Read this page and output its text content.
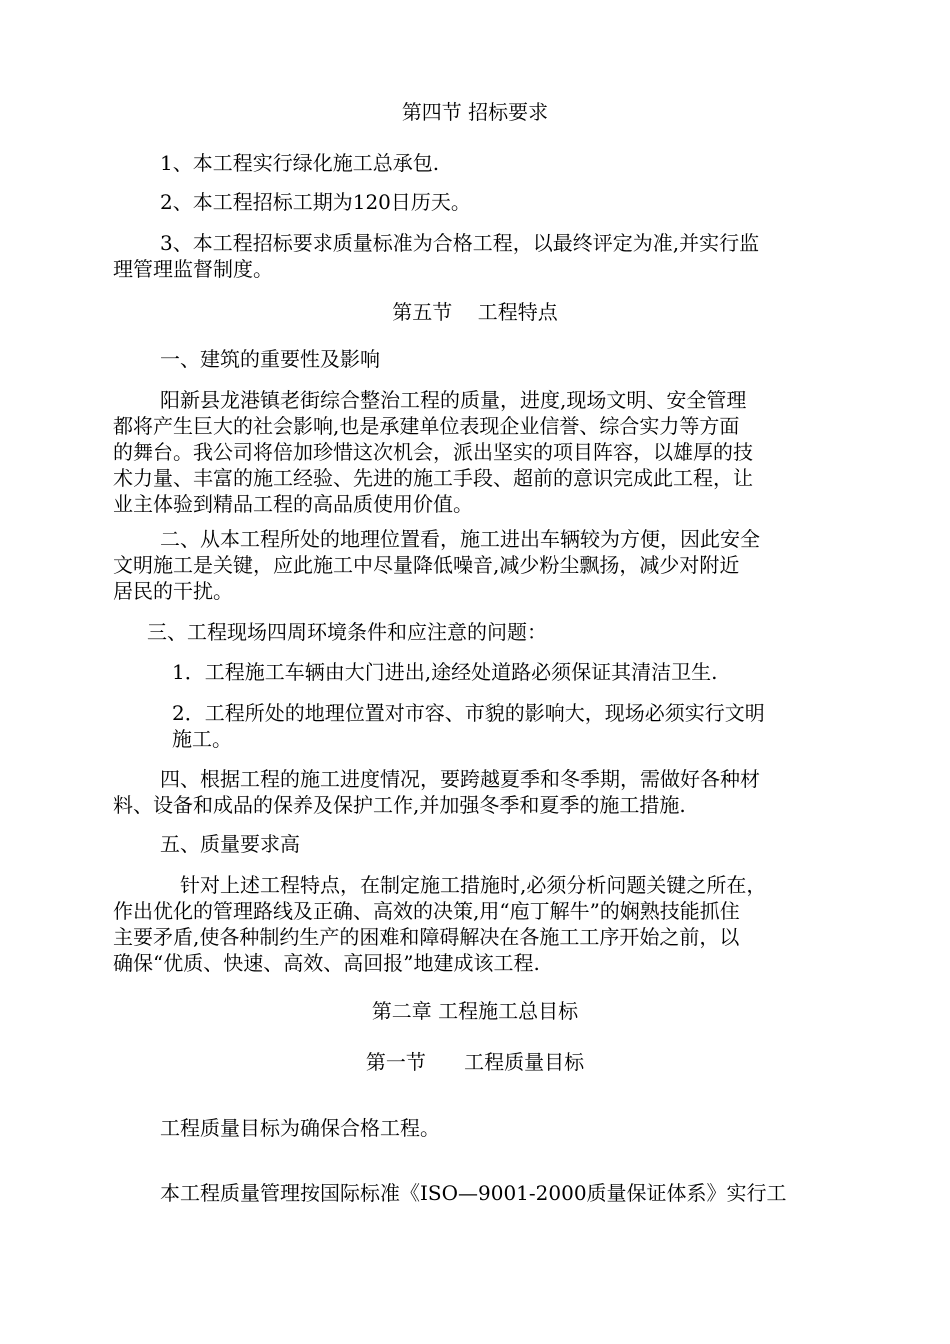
第四节 招标要求

1、本工程实行绿化施工总承包.

2、本工程招标工期为120日历天。

3、本工程招标要求质量标准为合格工程，以最终评定为准,并实行监
理管理监督制度。

第五节    工程特点

一、建筑的重要性及影响

阳新县龙港镇老街综合整治工程的质量，进度,现场文明、安全管理
都将产生巨大的社会影响,也是承建单位表现企业信誉、综合实力等方面
的舞台。我公司将倍加珍惜这次机会，派出坚实的项目阵容，以雄厚的技
术力量、丰富的施工经验、先进的施工手段、超前的意识完成此工程，让
业主体验到精品工程的高品质使用价值。
二、从本工程所处的地理位置看，施工进出车辆较为方便，因此安全
文明施工是关键，应此施工中尽量降低噪音,减少粉尘飘扬，减少对附近
居民的干扰。

三、工程现场四周环境条件和应注意的问题：

1．工程施工车辆由大门进出,途经处道路必须保证其清洁卫生.

2．工程所处的地理位置对市容、市貌的影响大，现场必须实行文明
施工。
四、根据工程的施工进度情况，要跨越夏季和冬季期，需做好各种材
料、设备和成品的保养及保护工作,并加强冬季和夏季的施工措施.

五、质量要求高

针对上述工程特点，在制定施工措施时,必须分析问题关键之所在，
作出优化的管理路线及正确、高效的决策,用“庖丁解牛”的娴熟技能抓住
主要矛盾,使各种制约生产的困难和障碍解决在各施工工序开始之前，以
确保“优质、快速、高效、高回报”地建成该工程.

第二章 工程施工总目标

第一节      工程质量目标

工程质量目标为确保合格工程。

本工程质量管理按国际标准《ISO—9001-2000质量保证体系》实行工
